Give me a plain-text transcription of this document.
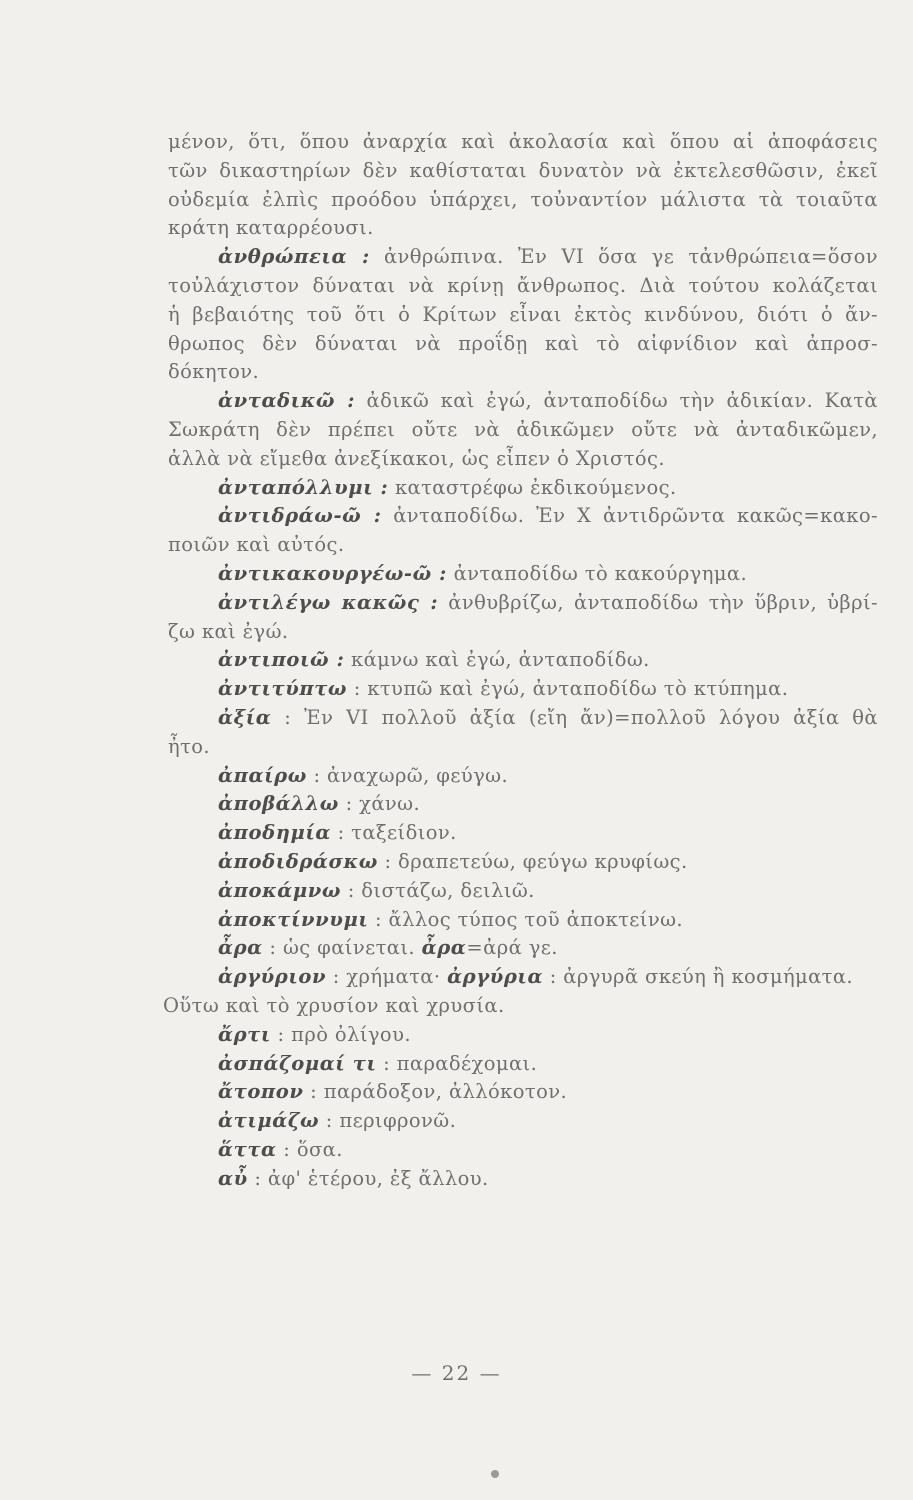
μένον, ὅτι, ὅπου ἀναρχία καὶ ἀκολασία καὶ ὅπου αἱ ἀποφάσεις
τῶν δικαστηρίων δὲν καθίσταται δυνατὸν νὰ ἐκτελεσθῶσιν, ἐκεῖ
οὐδεμία ἐλπὶς προόδου ὑπάρχει, τοὐναντίον μάλιστα τὰ τοιαῦτα
κράτη καταρρέουσι.
ἀνθρώπεια : ἀνθρώπινα. Ἐν VI ὅσα γε τἀνθρώπεια=ὅσον
τοὐλάχιστον δύναται νὰ κρίνῃ ἄνθρωπος. Διὰ τούτου κολάζεται
ἡ βεβαιότης τοῦ ὅτι ὁ Κρίτων εἶναι ἐκτὸς κινδύνου, διότι ὁ ἄν-
θρωπος δὲν δύναται νὰ προΐδῃ καὶ τὸ αἰφνίδιον καὶ ἀπροσ-
δόκητον.
ἀνταδικῶ : ἀδικῶ καὶ ἐγώ, ἀνταποδίδω τὴν ἀδικίαν. Κατὰ
Σωκράτη δὲν πρέπει οὔτε νὰ ἀδικῶμεν οὔτε νὰ ἀνταδικῶμεν,
ἀλλὰ νὰ εἴμεθα ἀνεξίκακοι, ὡς εἶπεν ὁ Χριστός.
ἀνταπόλλυμι : καταστρέφω ἐκδικούμενος.
ἀντιδράω-ῶ : ἀνταποδίδω. Ἐν X ἀντιδρῶντα κακῶς=κακο-
ποιῶν καὶ αὐτός.
ἀντικακουργέω-ῶ : ἀνταποδίδω τὸ κακούργημα.
ἀντιλέγω κακῶς : ἀνθυβρίζω, ἀνταποδίδω τὴν ὕβριν, ὑβρί-
ζω καὶ ἐγώ.
ἀντιποιῶ : κάμνω καὶ ἐγώ, ἀνταποδίδω.
ἀντιτύπτω : κτυπῶ καὶ ἐγώ, ἀνταποδίδω τὸ κτύπημα.
ἀξία : Ἐν VI πολλοῦ ἀξία (εἴη ἄν)=πολλοῦ λόγου ἀξία θὰ
ἦτο.
ἀπαίρω : ἀναχωρῶ, φεύγω.
ἀποβάλλω : χάνω.
ἀποδημία : ταξείδιον.
ἀποδιδράσκω : δραπετεύω, φεύγω κρυφίως.
ἀποκάμνω : διστάζω, δειλιῶ.
ἀποκτίννυμι : ἄλλος τύπος τοῦ ἀποκτείνω.
ἆρα : ὡς φαίνεται. ἆρα=ἀρά γε.
ἀργύριον : χρήματα· ἀργύρια : ἀργυρᾶ σκεύη ἢ κοσμήματα.
Οὕτω καὶ τὸ χρυσίον καὶ χρυσία.
ἄρτι : πρὸ ὀλίγου.
ἀσπάζομαί τι : παραδέχομαι.
ἄτοπον : παράδοξον, ἀλλόκοτον.
ἀτιμάζω : περιφρονῶ.
ἅττα : ὅσα.
αὖ : ἀφ' ἑτέρου, ἐξ ἄλλου.
— 22 —
